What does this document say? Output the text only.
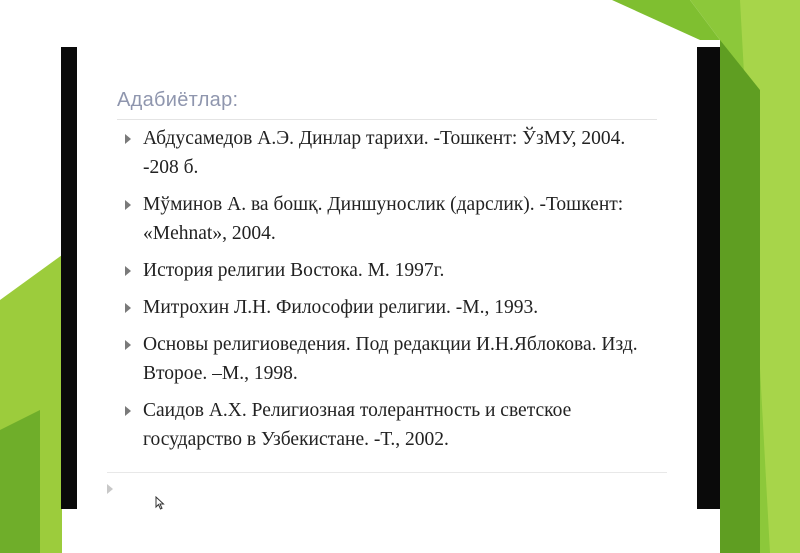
Адабиётлар:
Абдусамедов А.Э. Динлар тарихи. -Тошкент: ЎзМУ, 2004. -208 б.
Мўминов А. ва бошқ. Диншунослик (дарслик). -Тошкент: «Mehnat», 2004.
История религии Востока. М. 1997г.
Митрохин Л.Н. Философии религии. -М., 1993.
Основы религиоведения. Под редакции И.Н.Яблокова. Изд. Второе. –М., 1998.
Саидов А.Х. Религиозная толерантность и светское государство в Узбекистане. -Т., 2002.
